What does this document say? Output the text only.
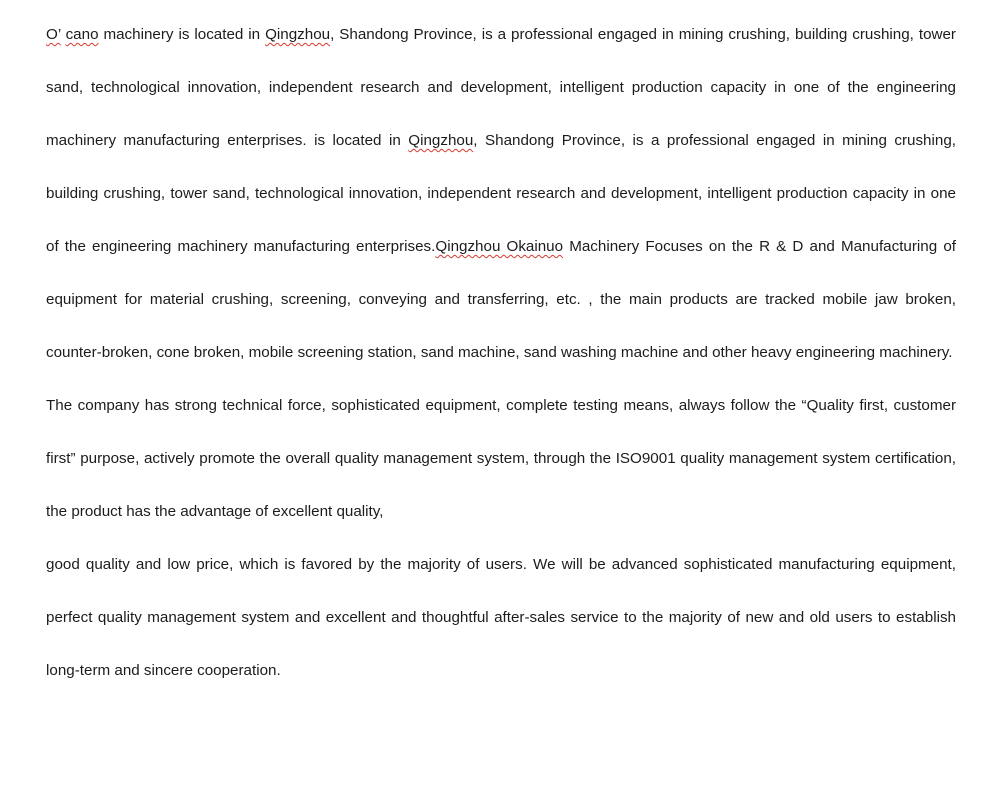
O’ cano machinery is located in Qingzhou, Shandong Province, is a professional engaged in mining crushing, building crushing, tower sand, technological innovation, independent research and development, intelligent production capacity in one of the engineering machinery manufacturing enterprises. is located in Qingzhou, Shandong Province, is a professional engaged in mining crushing, building crushing, tower sand, technological innovation, independent research and development, intelligent production capacity in one of the engineering machinery manufacturing enterprises.Qingzhou Okainuo Machinery Focuses on the R & D and Manufacturing of equipment for material crushing, screening, conveying and transferring, etc. , the main products are tracked mobile jaw broken, counter-broken, cone broken, mobile screening station, sand machine, sand washing machine and other heavy engineering machinery.

The company has strong technical force, sophisticated equipment, complete testing means, always follow the “Quality first, customer first” purpose, actively promote the overall quality management system, through the ISO9001 quality management system certification, the product has the advantage of excellent quality,

good quality and low price, which is favored by the majority of users. We will be advanced sophisticated manufacturing equipment, perfect quality management system and excellent and thoughtful after-sales service to the majority of new and old users to establish long-term and sincere cooperation.
